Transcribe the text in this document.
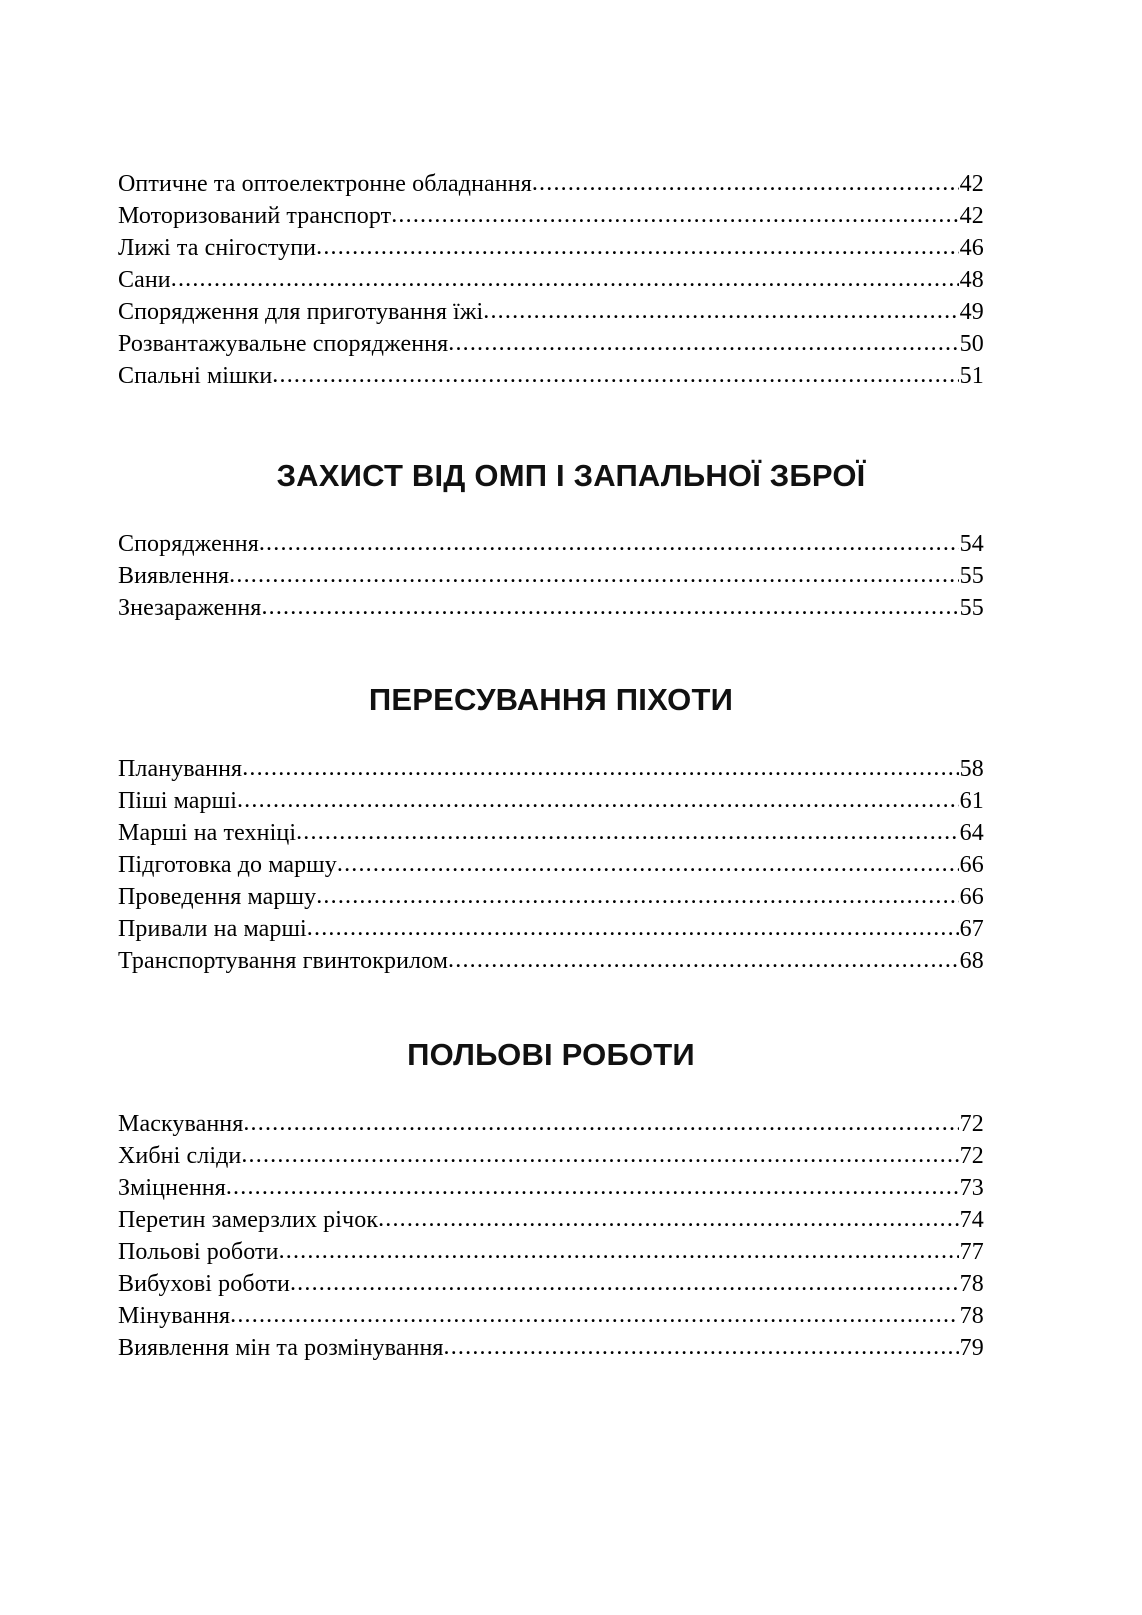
Оптичне та оптоелектронне обладнання .....	42
Моторизований транспорт .....	42
Лижі та снігоступи .....	46
Сани .....	48
Спорядження для приготування їжі .....	49
Розвантажувальне спорядження .....	50
Спальні мішки .....	51
ЗАХИСТ ВІД ОМП І ЗАПАЛЬНОЇ ЗБРОЇ
Спорядження .....	54
Виявлення .....	55
Знезараження .....	55
ПЕРЕСУВАННЯ ПІХОТИ
Планування .....	58
Піші марші .....	61
Марші на техніці .....	64
Підготовка до маршу .....	66
Проведення маршу .....	66
Привали на марші .....	67
Транспортування гвинтокрилом .....	68
ПОЛЬОВІ РОБОТИ
Маскування .....	72
Хибні сліди .....	72
Зміцнення .....	73
Перетин замерзлих річок .....	74
Польові роботи .....	77
Вибухові роботи .....	78
Мінування .....	78
Виявлення мін та розмінування .....	79
